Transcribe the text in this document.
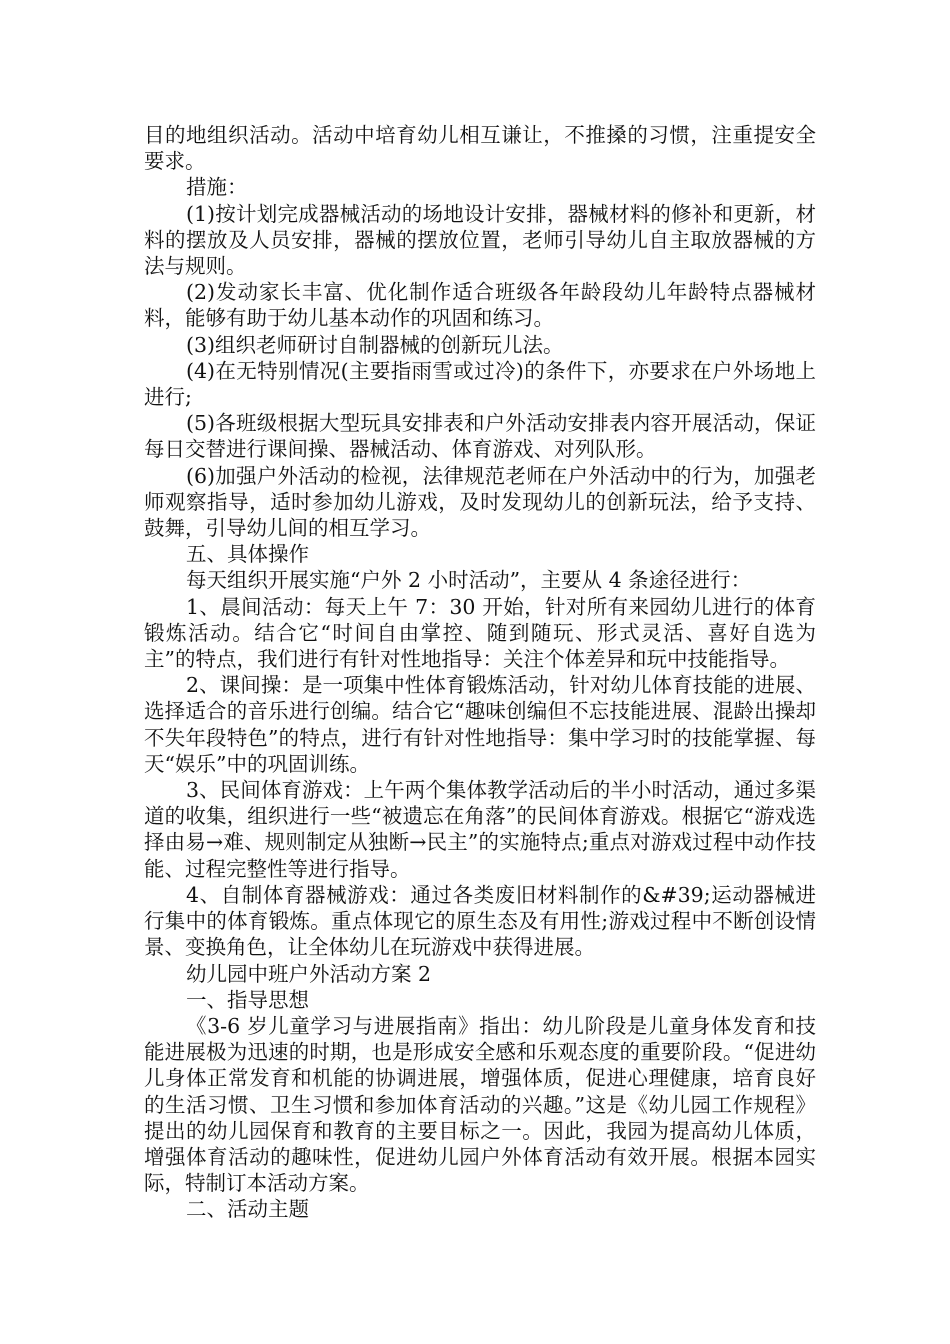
目的地组织活动。活动中培育幼儿相互谦让，不推搡的习惯，注重提安全要求。

措施：

(1)按计划完成器械活动的场地设计安排，器械材料的修补和更新，材料的摆放及人员安排，器械的摆放位置，老师引导幼儿自主取放器械的方法与规则。

(2)发动家长丰富、优化制作适合班级各年龄段幼儿年龄特点器械材料，能够有助于幼儿基本动作的巩固和练习。

(3)组织老师研讨自制器械的创新玩儿法。

(4)在无特别情况(主要指雨雪或过冷)的条件下，亦要求在户外场地上进行;

(5)各班级根据大型玩具安排表和户外活动安排表内容开展活动，保证每日交替进行课间操、器械活动、体育游戏、对列队形。

(6)加强户外活动的检视，法律规范老师在户外活动中的行为，加强老师观察指导，适时参加幼儿游戏，及时发现幼儿的创新玩法，给予支持、鼓舞，引导幼儿间的相互学习。

五、具体操作

每天组织开展实施“户外 2 小时活动”，主要从 4 条途径进行：

1、晨间活动：每天上午 7：30 开始，针对所有来园幼儿进行的体育锻炼活动。结合它“时间自由掌控、随到随玩、形式灵活、喜好自选为主”的特点，我们进行有针对性地指导：关注个体差异和玩中技能指导。

2、课间操：是一项集中性体育锻炼活动，针对幼儿体育技能的进展、选择适合的音乐进行创编。结合它“趣味创编但不忘技能进展、混龄出操却不失年段特色”的特点，进行有针对性地指导：集中学习时的技能掌握、每天“娱乐”中的巩固训练。

3、民间体育游戏：上午两个集体教学活动后的半小时活动，通过多渠道的收集，组织进行一些“被遗忘在角落”的民间体育游戏。根据它“游戏选择由易→难、规则制定从独断→民主”的实施特点;重点对游戏过程中动作技能、过程完整性等进行指导。

4、自制体育器械游戏：通过各类废旧材料制作的&#39;运动器械进行集中的体育锻炼。重点体现它的原生态及有用性;游戏过程中不断创设情景、变换角色，让全体幼儿在玩游戏中获得进展。

幼儿园中班户外活动方案 2

一、指导思想

《3-6 岁儿童学习与进展指南》指出：幼儿阶段是儿童身体发育和技能进展极为迅速的时期，也是形成安全感和乐观态度的重要阶段。“促进幼儿身体正常发育和机能的协调进展，增强体质，促进心理健康，培育良好的生活习惯、卫生习惯和参加体育活动的兴趣。”这是《幼儿园工作规程》提出的幼儿园保育和教育的主要目标之一。因此，我园为提高幼儿体质，增强体育活动的趣味性，促进幼儿园户外体育活动有效开展。根据本园实际，特制订本活动方案。

二、活动主题
